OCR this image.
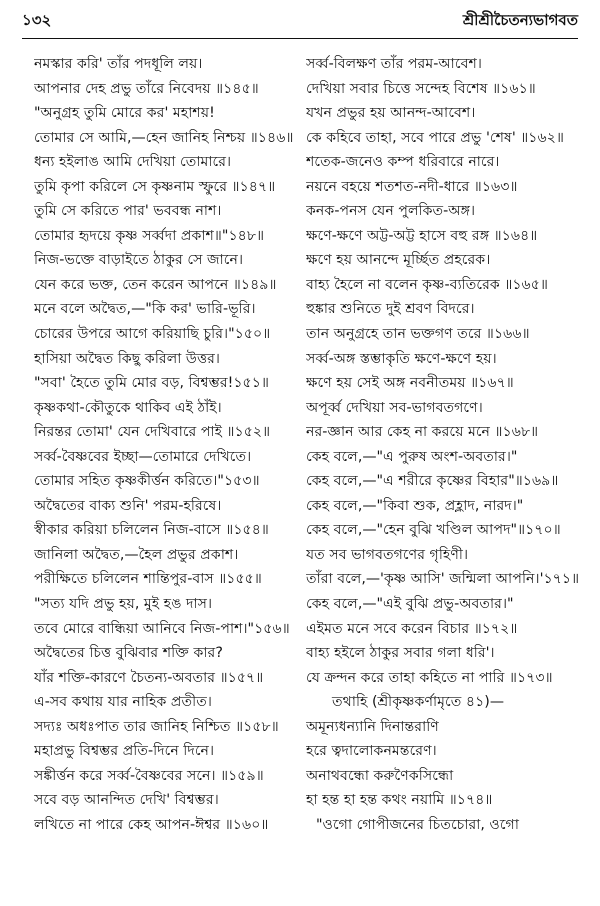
১৩২	শ্রীশ্রীচৈতন্যভাগবত
নমস্কার করি' তাঁর পদধূলি লয়।
আপনার দেহ প্রভু তাঁরে নিবেদয় ॥১৪৫॥
"অনুগ্রহ তুমি মোরে কর' মহাশয়!
তোমার সে আমি,—হেন জানিহ নিশ্চয় ॥১৪৬॥
ধন্য হইলাঙ আমি দেখিয়া তোমারে।
তুমি কৃপা করিলে সে কৃষ্ণনাম স্ফুরে ॥১৪৭॥
তুমি সে করিতে পার' ভববন্ধ নাশ।
তোমার হৃদয়ে কৃষ্ণ সর্ব্বদা প্রকাশ॥"১৪৮॥
নিজ-ভক্তে বাড়াইতে ঠাকুর সে জানে।
যেন করে ভক্ত, তেন করেন আপনে ॥১৪৯॥
মনে বলে অদ্বৈত,—"কি কর' ভারি-ভূরি।
চোরের উপরে আগে করিয়াছি চুরি।"১৫০॥
হাসিয়া অদ্বৈত কিছু করিলা উত্তর।
"সবা' হৈতে তুমি মোর বড়, বিশ্বম্ভর!১৫১॥
কৃষ্ণকথা-কৌতুকে থাকিব এই ঠাঁই।
নিরন্তর তোমা' যেন দেখিবারে পাই ॥১৫২॥
সর্ব্ব-বৈষ্ণবের ইচ্ছা—তোমারে দেখিতে।
তোমার সহিত কৃষ্ণকীর্ত্তন করিতে।"১৫৩॥
অদ্বৈতের বাক্য শুনি' পরম-হরিষে।
স্বীকার করিয়া চলিলেন নিজ-বাসে ॥১৫৪॥
জানিলা অদ্বৈত,—হৈল প্রভুর প্রকাশ।
পরীক্ষিতে চলিলেন শান্তিপুর-বাস ॥১৫৫॥
"সত্য যদি প্রভু হয়, মুই হঙ দাস।
তবে মোরে বান্ধিয়া আনিবে নিজ-পাশ।"১৫৬॥
অদ্বৈতের চিত্ত বুঝিবার শক্তি কার?
যাঁর শক্তি-কারণে চৈতন্য-অবতার ॥১৫৭॥
এ-সব কথায় যার নাহিক প্রতীত।
সদ্যঃ অধঃপাত তার জানিহ নিশ্চিত ॥১৫৮॥
মহাপ্রভু বিশ্বম্ভর প্রতি-দিনে দিনে।
সঙ্কীর্ত্তন করে সর্ব্ব-বৈষ্ণবের সনে। ॥১৫৯॥
সবে বড় আনন্দিত দেখি' বিশ্বম্ভর।
লখিতে না পারে কেহ আপন-ঈশ্বর ॥১৬০॥
সর্ব্ব-বিলক্ষণ তাঁর পরম-আবেশ।
দেখিয়া সবার চিত্তে সন্দেহ বিশেষ ॥১৬১॥
যখন প্রভুর হয় আনন্দ-আবেশ।
কে কহিবে তাহা, সবে পারে প্রভু 'শেষ' ॥১৬২॥
শতেক-জনেও কম্প ধরিবারে নারে।
নয়নে বহয়ে শতশত-নদী-ধারে ॥১৬৩॥
কনক-পনস যেন পুলকিত-অঙ্গ।
ক্ষণে-ক্ষণে অট্ট-অট্ট হাসে বহু রঙ্গ ॥১৬৪॥
ক্ষণে হয় আনন্দে মূর্চ্ছিত প্রহরেক।
বাহ্য হৈলে না বলেন কৃষ্ণ-ব্যতিরেক ॥১৬৫॥
হুঙ্কার শুনিতে দুই শ্রবণ বিদরে।
তান অনুগ্রহে তান ভক্তগণ তরে ॥১৬৬॥
সর্ব্ব-অঙ্গ স্তম্ভাকৃতি ক্ষণে-ক্ষণে হয়।
ক্ষণে হয় সেই অঙ্গ নবনীতময় ॥১৬৭॥
অপূর্ব্ব দেখিয়া সব-ভাগবতগণে।
নর-জ্ঞান আর কেহ না করয়ে মনে ॥১৬৮॥
কেহ বলে,—"এ পুরুষ অংশ-অবতার।"
কেহ বলে,—"এ শরীরে কৃষ্ণের বিহার"॥১৬৯॥
কেহ বলে,—"কিবা শুক, প্রহ্লাদ, নারদ।"
কেহ বলে,—"হেন বুঝি খণ্ডিল আপদ"॥১৭০॥
যত সব ভাগবতগণের গৃহিণী।
তাঁরা বলে,—'কৃষ্ণ আসি' জন্মিলা আপনি।'১৭১॥
কেহ বলে,—"এই বুঝি প্রভু-অবতার।"
এইমত মনে সবে করেন বিচার ॥১৭২॥
বাহ্য হইলে ঠাকুর সবার গলা ধরি'।
যে ক্রন্দন করে তাহা কহিতে না পারি ॥১৭৩॥
তথাহি (শ্রীকৃষ্ণকর্ণামৃতে ৪১)—
অমূন্যধন্যানি দিনান্তরাণি
হরে ত্বদালোকনমন্তরেণ।
অনাথবন্ধো করুণৈকসিন্ধো
হা হন্ত হা হন্ত কথং নয়ামি ॥১৭৪॥
"ওগো গোপীজনের চিতচোরা, ওগো
